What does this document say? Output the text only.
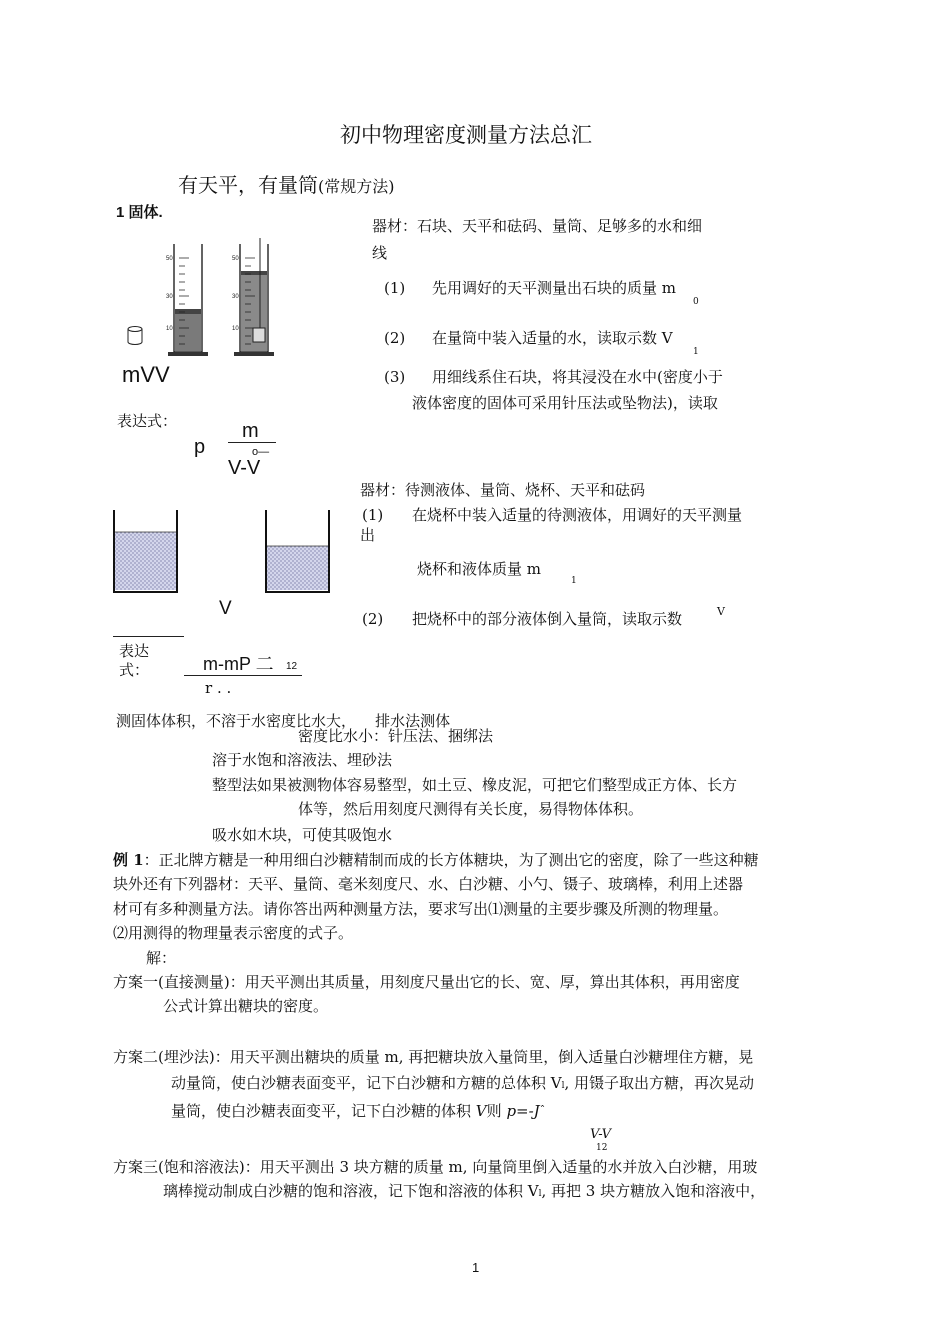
初中物理密度测量方法总汇
有天平，有量筒(常规方法)
1 固体.
器材：石块、天平和砝码、量筒、足够多的水和细
线
(1) 先用调好的天平测量出石块的质量 m
0
(2) 在量筒中装入适量的水，读取示数 V
1
(3) 用细线系住石块，将其浸没在水中(密度小于
液体密度的固体可采用针压法或坠物法)，读取
50
30
10
50
30
10
mVV
表达式：
p
m
o—
V-V
器材：待测液体、量筒、烧杯、天平和砝码
(1) 在烧杯中装入适量的待测液体，用调好的天平测量
出
烧杯和液体质量 m
1
(2) 把烧杯中的部分液体倒入量筒，读取示数	V
V
表达
式：	m-mP 二 12
r . .
测固体体积，不溶于水密度比水大，    排水法测体
密度比水小：针压法、捆绑法
溶于水饱和溶液法、埋砂法
整型法如果被测物体容易整型，如土豆、橡皮泥，可把它们整型成正方体、长方
体等，然后用刻度尺测得有关长度，易得物体体积。
吸水如木块，可使其吸饱水
例 1：正北牌方糖是一种用细白沙糖精制而成的长方体糖块，为了测出它的密度，除了一些这种糖
块外还有下列器材：天平、量筒、毫米刻度尺、水、白沙糖、小勺、镊子、玻璃棒，利用上述器
材可有多种测量方法。请你答出两种测量方法，要求写出⑴测量的主要步骤及所测的物理量。
⑵用测得的物理量表示密度的式子。
解：
方案一(直接测量)：用天平测出其质量，用刻度尺量出它的长、宽、厚，算出其体积，再用密度
公式计算出糖块的密度。
方案二(埋沙法)：用天平测出糖块的质量 m, 再把糖块放入量筒里，倒入适量白沙糖埋住方糖，晃
动量筒，使白沙糖表面变平，记下白沙糖和方糖的总体积 Vl, 用镊子取出方糖，再次晃动
量筒，使白沙糖表面变平，记下白沙糖的体积 V则 $p=-J^ˆ$
V-V
12
方案三(饱和溶液法)：用天平测出 3 块方糖的质量 m, 向量筒里倒入适量的水并放入白沙糖，用玻
璃棒搅动制成白沙糖的饱和溶液，记下饱和溶液的体积 Vl, 再把 3 块方糖放入饱和溶液中，
1
